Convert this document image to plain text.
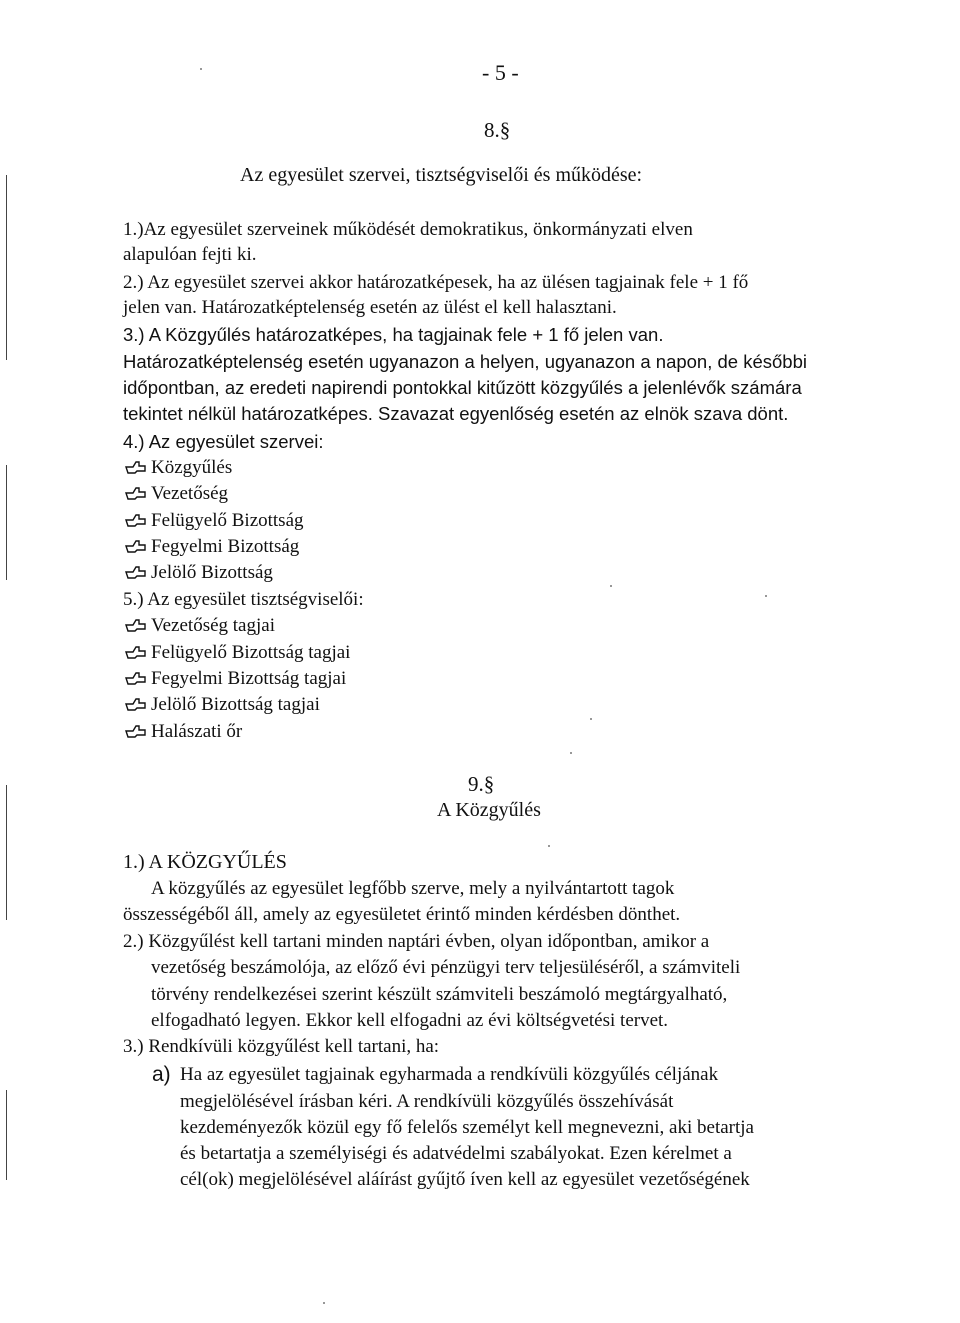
- 5 -
8.§
Az egyesület szervei, tisztségviselői és működése:
1.)Az egyesület szerveinek működését demokratikus, önkormányzati elven
alapulóan fejti ki.
2.) Az egyesület szervei akkor határozatképesek, ha az ülésen tagjainak fele + 1 fő
jelen van. Határozatképtelenség esetén az ülést el kell halasztani.
3.) A Közgyűlés határozatképes, ha tagjainak fele + 1 fő jelen van.
Határozatképtelenség esetén ugyanazon a helyen, ugyanazon a napon, de későbbi
időpontban, az eredeti napirendi pontokkal kitűzött közgyűlés a jelenlévők számára
tekintet nélkül határozatképes. Szavazat egyenlőség esetén az elnök szava dönt.
4.) Az egyesület szervei:
Közgyűlés
Vezetőség
Felügyelő Bizottság
Fegyelmi Bizottság
Jelölő Bizottság
5.) Az egyesület tisztségviselői:
Vezetőség tagjai
Felügyelő Bizottság tagjai
Fegyelmi Bizottság tagjai
Jelölő Bizottság tagjai
Halászati őr
9.§
A Közgyűlés
1.) A KÖZGYŰLÉS
A közgyűlés az egyesület legfőbb szerve, mely a nyilvántartott tagok
összességéből áll, amely az egyesületet érintő minden kérdésben dönthet.
2.) Közgyűlést kell tartani minden naptári évben, olyan időpontban, amikor a
vezetőség beszámolója, az előző évi pénzügyi terv teljesüléséről, a számviteli
törvény rendelkezései szerint készült számviteli beszámoló megtárgyalható,
elfogadható legyen. Ekkor kell elfogadni az évi költségvetési tervet.
3.) Rendkívüli közgyűlést kell tartani, ha:
a) Ha az egyesület tagjainak egyharmada a rendkívüli közgyűlés céljának
megjelölésével írásban kéri. A rendkívüli közgyűlés összehívását
kezdeményezők közül egy fő felelős személyt kell megnevezni, aki betartja
és betartatja a személyiségi és adatvédelmi szabályokat. Ezen kérelmet a
cél(ok) megjelölésével aláírást gyűjtő íven kell az egyesület vezetőségének
